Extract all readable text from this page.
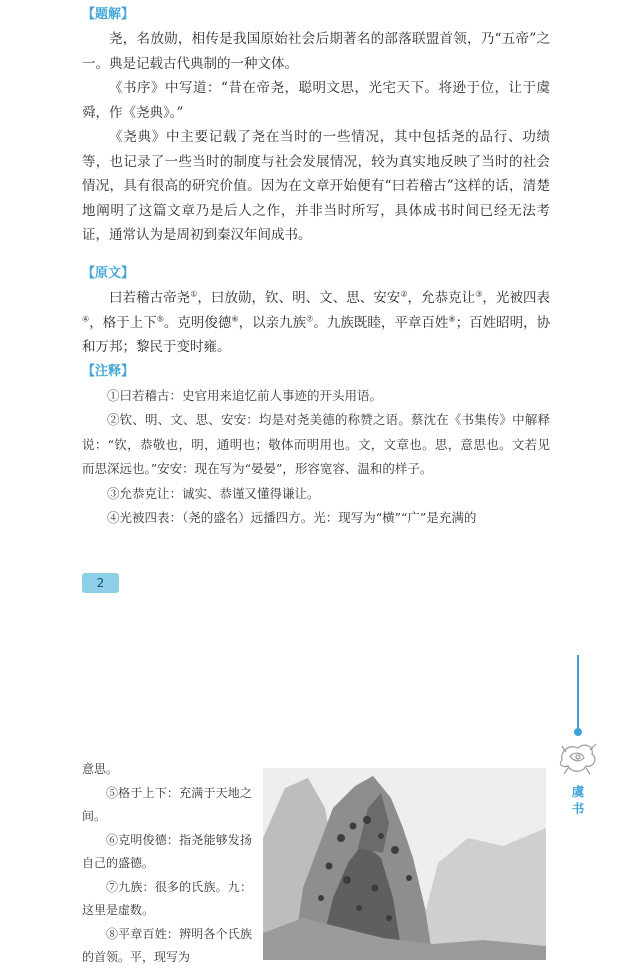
【题解】

尧，名放勋，相传是我国原始社会后期著名的部落联盟首领，乃“五帝”之一。典是记载古代典制的一种文体。

《书序》中写道：“昔在帝尧，聪明文思，光宅天下。将逊于位，让于虞舜，作《尧典》。”

《尧典》中主要记载了尧在当时的一些情况，其中包括尧的品行、功绩等，也记录了一些当时的制度与社会发展情况，较为真实地反映了当时的社会情况，具有很高的研究价值。因为在文章开始便有“曰若稽古”这样的话，清楚地阐明了这篇文章乃是后人之作，并非当时所写，具体成书时间已经无法考证，通常认为是周初到秦汉年间成书。

【原文】

曰若稽古帝尧①，曰放勋，钦、明、文、思、安安②，允恭克让③，光被四表④，格于上下⑤。克明俊德⑥，以亲九族⑦。九族既睦，平章百姓⑧；百姓昭明，协和万邦；黎民于变时雍。

【注释】

①曰若稽古：史官用来追忆前人事迹的开头用语。

②钦、明、文、思、安安：均是对尧美德的称赞之语。蔡沈在《书集传》中解释说：“钦，恭敬也，明，通明也；敬体而明用也。文，文章也。思，意思也。文若见而思深远也。”安安：现在写为“晏晏”，形容宽容、温和的样子。

③允恭克让：诚实、恭谨又懂得谦让。

④光被四表：（尧的盛名）远播四方。光：现写为“横”“广”是充满的

2
虞书

意思。

⑤格于上下：充满于天地之间。

⑥克明俊德：指尧能够发扬自己的盛德。

⑦九族：很多的氏族。九：这里是虚数。

⑧平章百姓：辨明各个氏族的首领。平，现写为
